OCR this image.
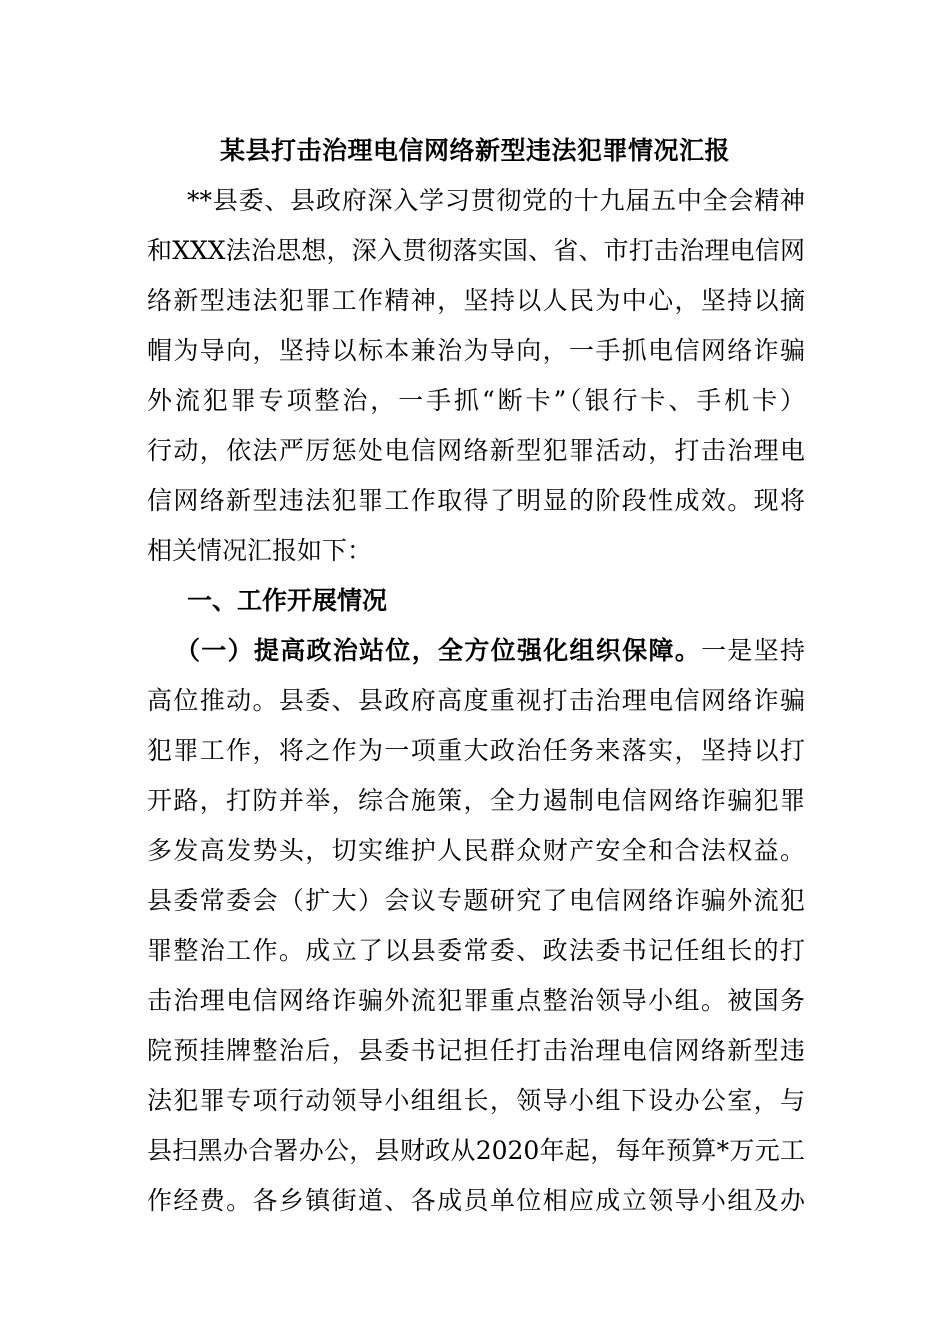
某县打击治理电信网络新型违法犯罪情况汇报
**县委、县政府深入学习贯彻党的十九届五中全会精神
和XXX法治思想，深入贯彻落实国、省、市打击治理电信网
络新型违法犯罪工作精神，坚持以人民为中心，坚持以摘
帽为导向，坚持以标本兼治为导向，一手抓电信网络诈骗
外流犯罪专项整治，一手抓“断卡”（银行卡、手机卡）
行动，依法严厉惩处电信网络新型犯罪活动，打击治理电
信网络新型违法犯罪工作取得了明显的阶段性成效。现将
相关情况汇报如下：
一、工作开展情况
（一）提高政治站位，全方位强化组织保障。一是坚持
高位推动。县委、县政府高度重视打击治理电信网络诈骗
犯罪工作，将之作为一项重大政治任务来落实，坚持以打
开路，打防并举，综合施策，全力遏制电信网络诈骗犯罪
多发高发势头，切实维护人民群众财产安全和合法权益。
县委常委会（扩大）会议专题研究了电信网络诈骗外流犯
罪整治工作。成立了以县委常委、政法委书记任组长的打
击治理电信网络诈骗外流犯罪重点整治领导小组。被国务
院预挂牌整治后，县委书记担任打击治理电信网络新型违
法犯罪专项行动领导小组组长，领导小组下设办公室，与
县扫黑办合署办公，县财政从2020年起，每年预算*万元工
作经费。各乡镇街道、各成员单位相应成立领导小组及办
